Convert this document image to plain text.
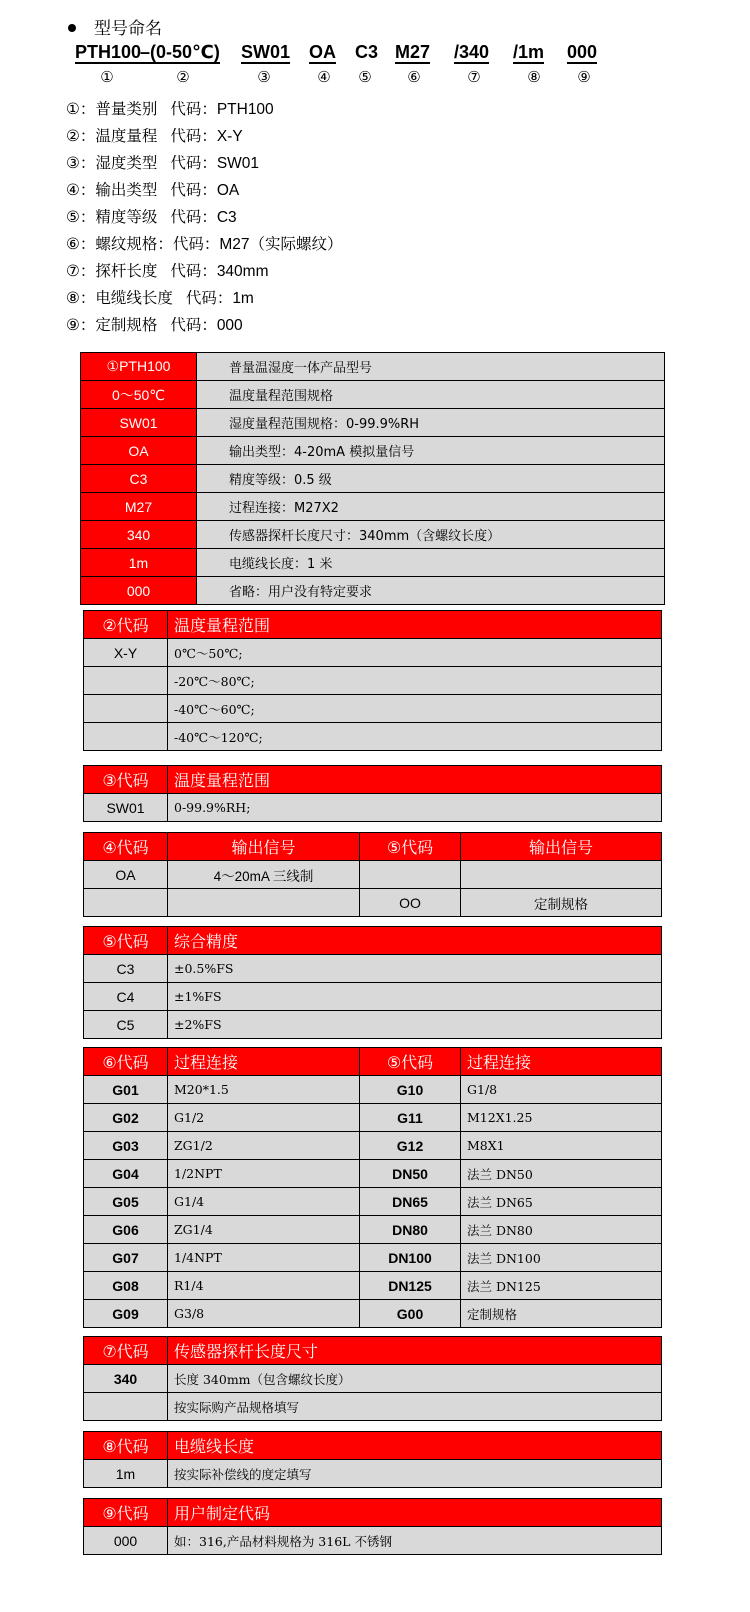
型号命名
PTH100
–(0-50℃) SW01 OA C3 M27 /340 /1m 000
①	②	③	④ ⑤ ⑥	⑦	⑧ ⑨
①：普量类别   代码：PTH100
②：温度量程   代码：X-Y
③：湿度类型   代码：SW01
④：输出类型   代码：OA
⑤：精度等级   代码：C3
⑥：螺纹规格：代码：M27（实际螺纹）
⑦：探杆长度   代码：340mm
⑧：电缆线长度   代码：1m
⑨：定制规格   代码：000
①PTH100	普量温湿度一体产品型号
0～50℃	温度量程范围规格
SW01	湿度量程范围规格：0-99.9%RH
OA	输出类型：4-20mA 模拟量信号
C3	精度等级：0.5 级
M27	过程连接：M27X2
340	传感器探杆长度尺寸：340mm（含螺纹长度）
1m	电缆线长度：1 米
000	省略：用户没有特定要求
②代码	温度量程范围
X-Y	0℃～50℃;
	-20℃～80℃;
	-40℃～60℃;
	-40℃～120℃;
③代码	温度量程范围
SW01	0-99.9%RH;
④代码	输出信号	⑤代码	输出信号
OA	4～20mA 三线制		
		OO	定制规格
⑤代码	综合精度
C3	±0.5%FS
C4	±1%FS
C5	±2%FS
⑥代码	过程连接	⑤代码	过程连接
G01	M20*1.5	G10	G1/8
G02	G1/2	G11	M12X1.25
G03	ZG1/2	G12	M8X1
G04	1/2NPT	DN50	法兰 DN50
G05	G1/4	DN65	法兰 DN65
G06	ZG1/4	DN80	法兰 DN80
G07	1/4NPT	DN100	法兰 DN100
G08	R1/4	DN125	法兰 DN125
G09	G3/8	G00	定制规格
⑦代码	传感器探杆长度尺寸
340	长度 340mm（包含螺纹长度）
	按实际购产品规格填写
⑧代码	电缆线长度
1m	按实际补偿线的度定填写
⑨代码	用户制定代码
000	如：316,产品材料规格为 316L 不锈钢
